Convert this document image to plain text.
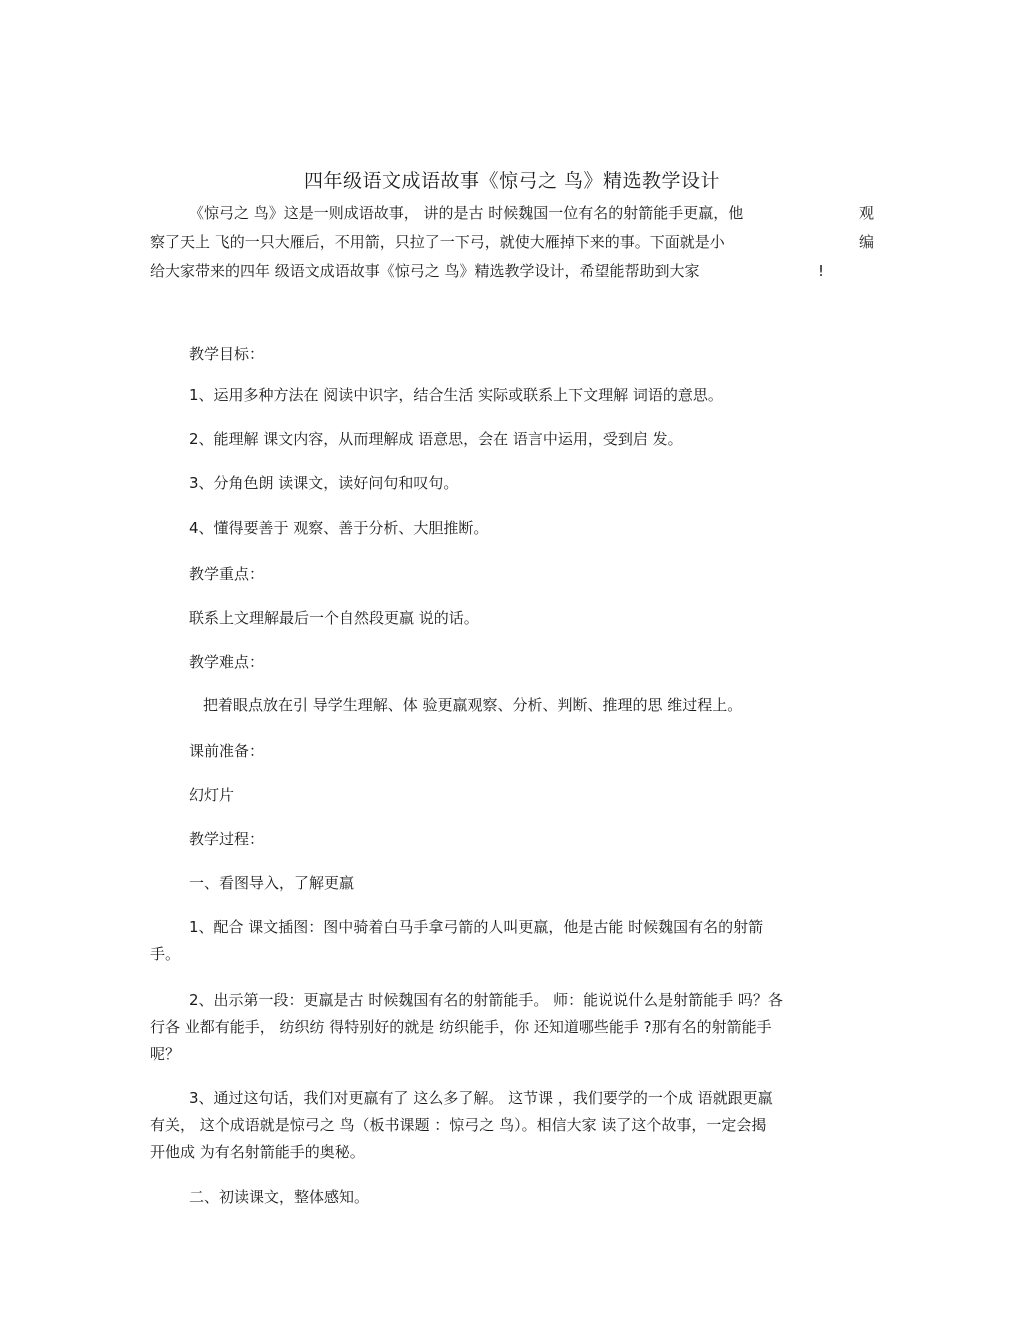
四年级语文成语故事《惊弓之 鸟》精选教学设计
《惊弓之 鸟》这是一则成语故事， 讲的是古 时候魏国一位有名的射箭能手更羸，他	观
察了天上 飞的一只大雁后，不用箭，只拉了一下弓，就使大雁掉下来的事。下面就是小	编
给大家带来的四年 级语文成语故事《惊弓之 鸟》精选教学设计，希望能帮助到大家	!
教学目标：
1、运用多种方法在 阅读中识字，结合生活 实际或联系上下文理解 词语的意思。
2、能理解 课文内容，从而理解成 语意思，会在 语言中运用，受到启 发。
3、分角色朗 读课文，读好问句和叹句。
4、懂得要善于 观察、善于分析、大胆推断。
教学重点：
联系上文理解最后一个自然段更羸 说的话。
教学难点：
把着眼点放在引 导学生理解、体 验更羸观察、分析、判断、推理的思 维过程上。
课前准备：
幻灯片
教学过程：
一、看图导入，了解更羸
1、配合 课文插图：图中骑着白马手拿弓箭的人叫更羸，他是古能 时候魏国有名的射箭
手。
2、出示第一段：更羸是古 时候魏国有名的射箭能手。 师：能说说什么是射箭能手 吗？各
行各 业都有能手， 纺织纺 得特别好的就是 纺织能手，你 还知道哪些能手 ?那有名的射箭能手
呢？
3、通过这句话，我们对更羸有了 这么多了解。 这节课 ，我们要学的一个成 语就跟更羸
有关， 这个成语就是惊弓之 鸟（板书课题 ：惊弓之 鸟）。相信大家 读了这个故事，一定会揭
开他成 为有名射箭能手的奥秘。
二、初读课文，整体感知。
